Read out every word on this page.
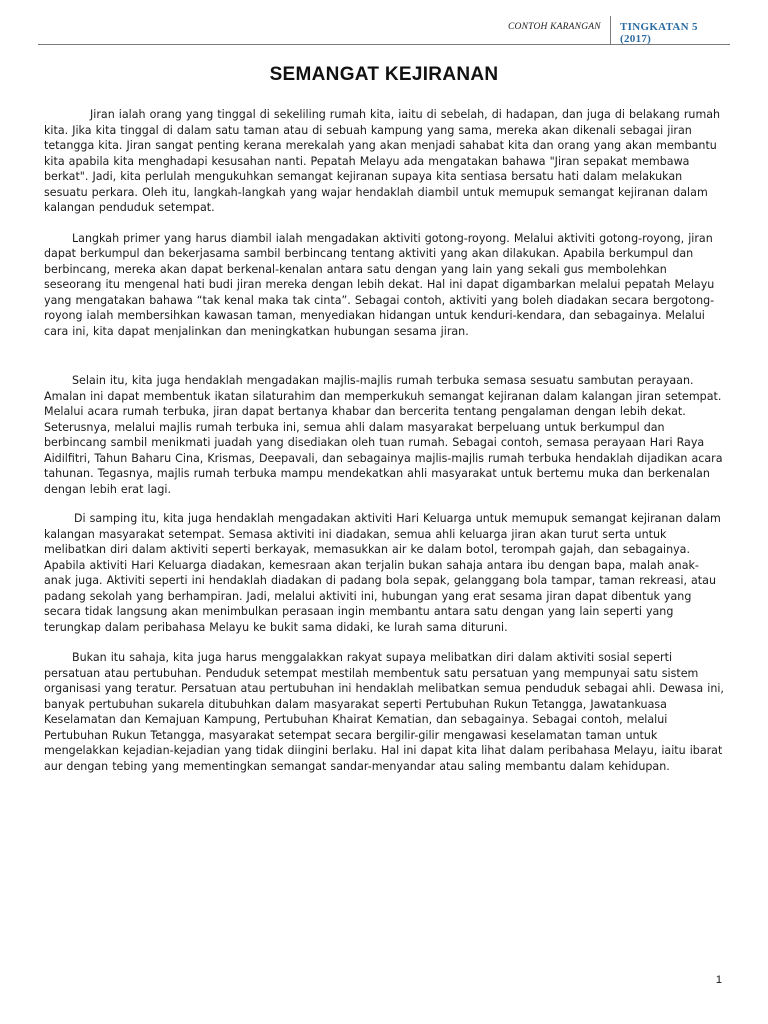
CONTOH KARANGAN TINGKATAN 5 (2017)
SEMANGAT KEJIRANAN

Jiran ialah orang yang tinggal di sekeliling rumah kita, iaitu di sebelah, di hadapan, dan juga di belakang rumah kita. Jika kita tinggal di dalam satu taman atau di sebuah kampung yang sama, mereka akan dikenali sebagai jiran tetangga kita. Jiran sangat penting kerana merekalah yang akan menjadi sahabat kita dan orang yang akan membantu kita apabila kita menghadapi kesusahan nanti. Pepatah Melayu ada mengatakan bahawa "Jiran sepakat membawa berkat". Jadi, kita perlulah mengukuhkan semangat kejiranan supaya kita sentiasa bersatu hati dalam melakukan sesuatu perkara. Oleh itu, langkah-langkah yang wajar hendaklah diambil untuk memupuk semangat kejiranan dalam kalangan penduduk setempat.

Langkah primer yang harus diambil ialah mengadakan aktiviti gotong-royong. Melalui aktiviti gotong-royong, jiran dapat berkumpul dan bekerjasama sambil berbincang tentang aktiviti yang akan dilakukan. Apabila berkumpul dan berbincang, mereka akan dapat berkenal-kenalan antara satu dengan yang lain yang sekali gus membolehkan seseorang itu mengenal hati budi jiran mereka dengan lebih dekat. Hal ini dapat digambarkan melalui pepatah Melayu yang mengatakan bahawa “tak kenal maka tak cinta”. Sebagai contoh, aktiviti yang boleh diadakan secara bergotong-royong ialah membersihkan kawasan taman, menyediakan hidangan untuk kenduri-kendara, dan sebagainya. Melalui cara ini, kita dapat menjalinkan dan meningkatkan hubungan sesama jiran.

Selain itu, kita juga hendaklah mengadakan majlis-majlis rumah terbuka semasa sesuatu sambutan perayaan. Amalan ini dapat membentuk ikatan silaturahim dan memperkukuh semangat kejiranan dalam kalangan jiran setempat. Melalui acara rumah terbuka, jiran dapat bertanya khabar dan bercerita tentang pengalaman dengan lebih dekat. Seterusnya, melalui majlis rumah terbuka ini, semua ahli dalam masyarakat berpeluang untuk berkumpul dan berbincang sambil menikmati juadah yang disediakan oleh tuan rumah. Sebagai contoh, semasa perayaan Hari Raya Aidilfitri, Tahun Baharu Cina, Krismas, Deepavali, dan sebagainya majlis-majlis rumah terbuka hendaklah dijadikan acara tahunan. Tegasnya, majlis rumah terbuka mampu mendekatkan ahli masyarakat untuk bertemu muka dan berkenalan dengan lebih erat lagi.

Di samping itu, kita juga hendaklah mengadakan aktiviti Hari Keluarga untuk memupuk semangat kejiranan dalam kalangan masyarakat setempat. Semasa aktiviti ini diadakan, semua ahli keluarga jiran akan turut serta untuk melibatkan diri dalam aktiviti seperti berkayak, memasukkan air ke dalam botol, terompah gajah, dan sebagainya. Apabila aktiviti Hari Keluarga diadakan, kemesraan akan terjalin bukan sahaja antara ibu dengan bapa, malah anak-anak juga. Aktiviti seperti ini hendaklah diadakan di padang bola sepak, gelanggang bola tampar, taman rekreasi, atau padang sekolah yang berhampiran. Jadi, melalui aktiviti ini, hubungan yang erat sesama jiran dapat dibentuk yang secara tidak langsung akan menimbulkan perasaan ingin membantu antara satu dengan yang lain seperti yang terungkap dalam peribahasa Melayu ke bukit sama didaki, ke lurah sama dituruni.

Bukan itu sahaja, kita juga harus menggalakkan rakyat supaya melibatkan diri dalam aktiviti sosial seperti persatuan atau pertubuhan. Penduduk setempat mestilah membentuk satu persatuan yang mempunyai satu sistem organisasi yang teratur. Persatuan atau pertubuhan ini hendaklah melibatkan semua penduduk sebagai ahli. Dewasa ini, banyak pertubuhan sukarela ditubuhkan dalam masyarakat seperti Pertubuhan Rukun Tetangga, Jawatankuasa Keselamatan dan Kemajuan Kampung, Pertubuhan Khairat Kematian, dan sebagainya. Sebagai contoh, melalui Pertubuhan Rukun Tetangga, masyarakat setempat secara bergilir-gilir mengawasi keselamatan taman untuk mengelakkan kejadian-kejadian yang tidak diingini berlaku. Hal ini dapat kita lihat dalam peribahasa Melayu, iaitu ibarat aur dengan tebing yang mementingkan semangat sandar-menyandar atau saling membantu dalam kehidupan.

1
